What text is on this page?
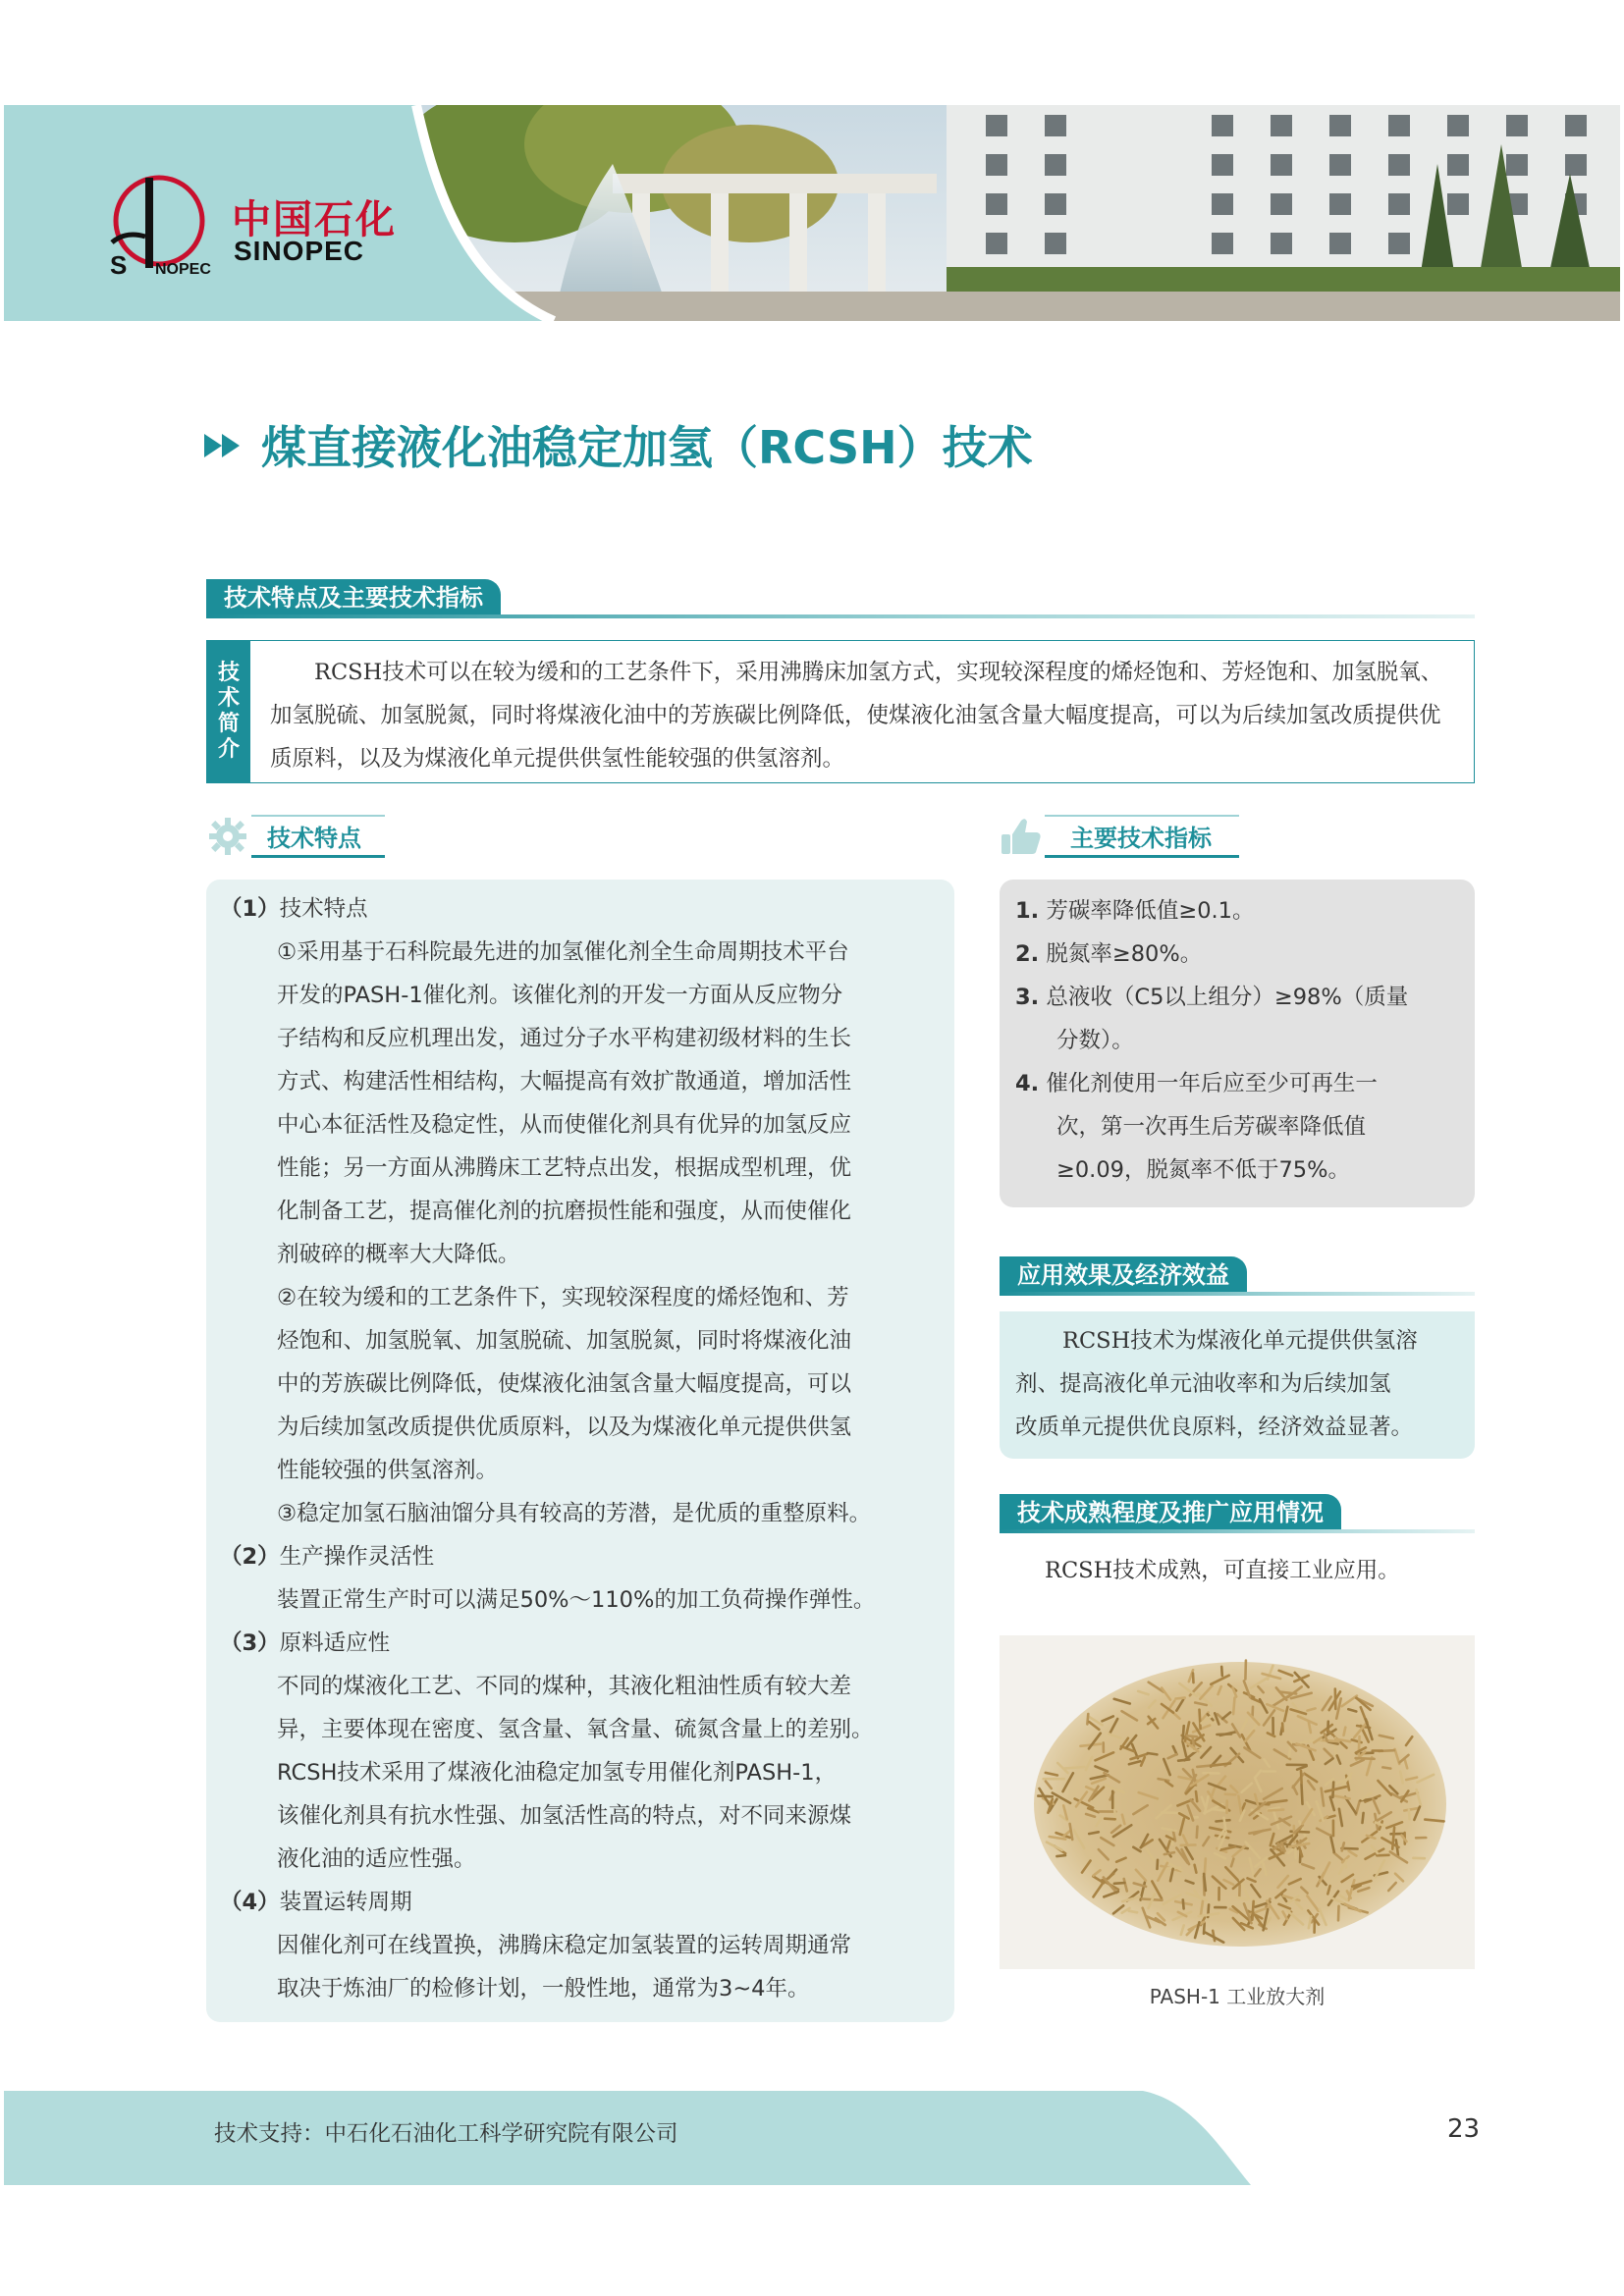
S NOPEC
中国石化
SINOPEC
煤直接液化油稳定加氢（RCSH）技术
技术特点及主要技术指标
技
术
简
介
RCSH技术可以在较为缓和的工艺条件下，采用沸腾床加氢方式，实现较深程度的烯烃饱和、芳烃饱和、加氢脱氧、加氢脱硫、加氢脱氮，同时将煤液化油中的芳族碳比例降低，使煤液化油氢含量大幅度提高，可以为后续加氢改质提供优质原料，以及为煤液化单元提供供氢性能较强的供氢溶剂。
技术特点	主要技术指标
（1）技术特点
①采用基于石科院最先进的加氢催化剂全生命周期技术平台
开发的PASH-1催化剂。该催化剂的开发一方面从反应物分
子结构和反应机理出发，通过分子水平构建初级材料的生长
方式、构建活性相结构，大幅提高有效扩散通道，增加活性
中心本征活性及稳定性，从而使催化剂具有优异的加氢反应
性能；另一方面从沸腾床工艺特点出发，根据成型机理，优
化制备工艺，提高催化剂的抗磨损性能和强度，从而使催化
剂破碎的概率大大降低。
②在较为缓和的工艺条件下，实现较深程度的烯烃饱和、芳
烃饱和、加氢脱氧、加氢脱硫、加氢脱氮，同时将煤液化油
中的芳族碳比例降低，使煤液化油氢含量大幅度提高，可以
为后续加氢改质提供优质原料，以及为煤液化单元提供供氢
性能较强的供氢溶剂。
③稳定加氢石脑油馏分具有较高的芳潜，是优质的重整原料。
（2）生产操作灵活性
装置正常生产时可以满足50%～110%的加工负荷操作弹性。
（3）原料适应性
不同的煤液化工艺、不同的煤种，其液化粗油性质有较大差
异，主要体现在密度、氢含量、氧含量、硫氮含量上的差别。
RCSH技术采用了煤液化油稳定加氢专用催化剂PASH-1，
该催化剂具有抗水性强、加氢活性高的特点，对不同来源煤
液化油的适应性强。
（4）装置运转周期
因催化剂可在线置换，沸腾床稳定加氢装置的运转周期通常
取决于炼油厂的检修计划，一般性地，通常为3~4年。
1. 芳碳率降低值≥0.1。
2. 脱氮率≥80%。
3. 总液收（C5以上组分）≥98%（质量
分数）。
4. 催化剂使用一年后应至少可再生一
次，第一次再生后芳碳率降低值
≥0.09，脱氮率不低于75%。
应用效果及经济效益
RCSH技术为煤液化单元提供供氢溶
剂、提高液化单元油收率和为后续加氢
改质单元提供优良原料，经济效益显著。
技术成熟程度及推广应用情况
RCSH技术成熟，可直接工业应用。
PASH-1 工业放大剂
技术支持：中石化石油化工科学研究院有限公司	23
